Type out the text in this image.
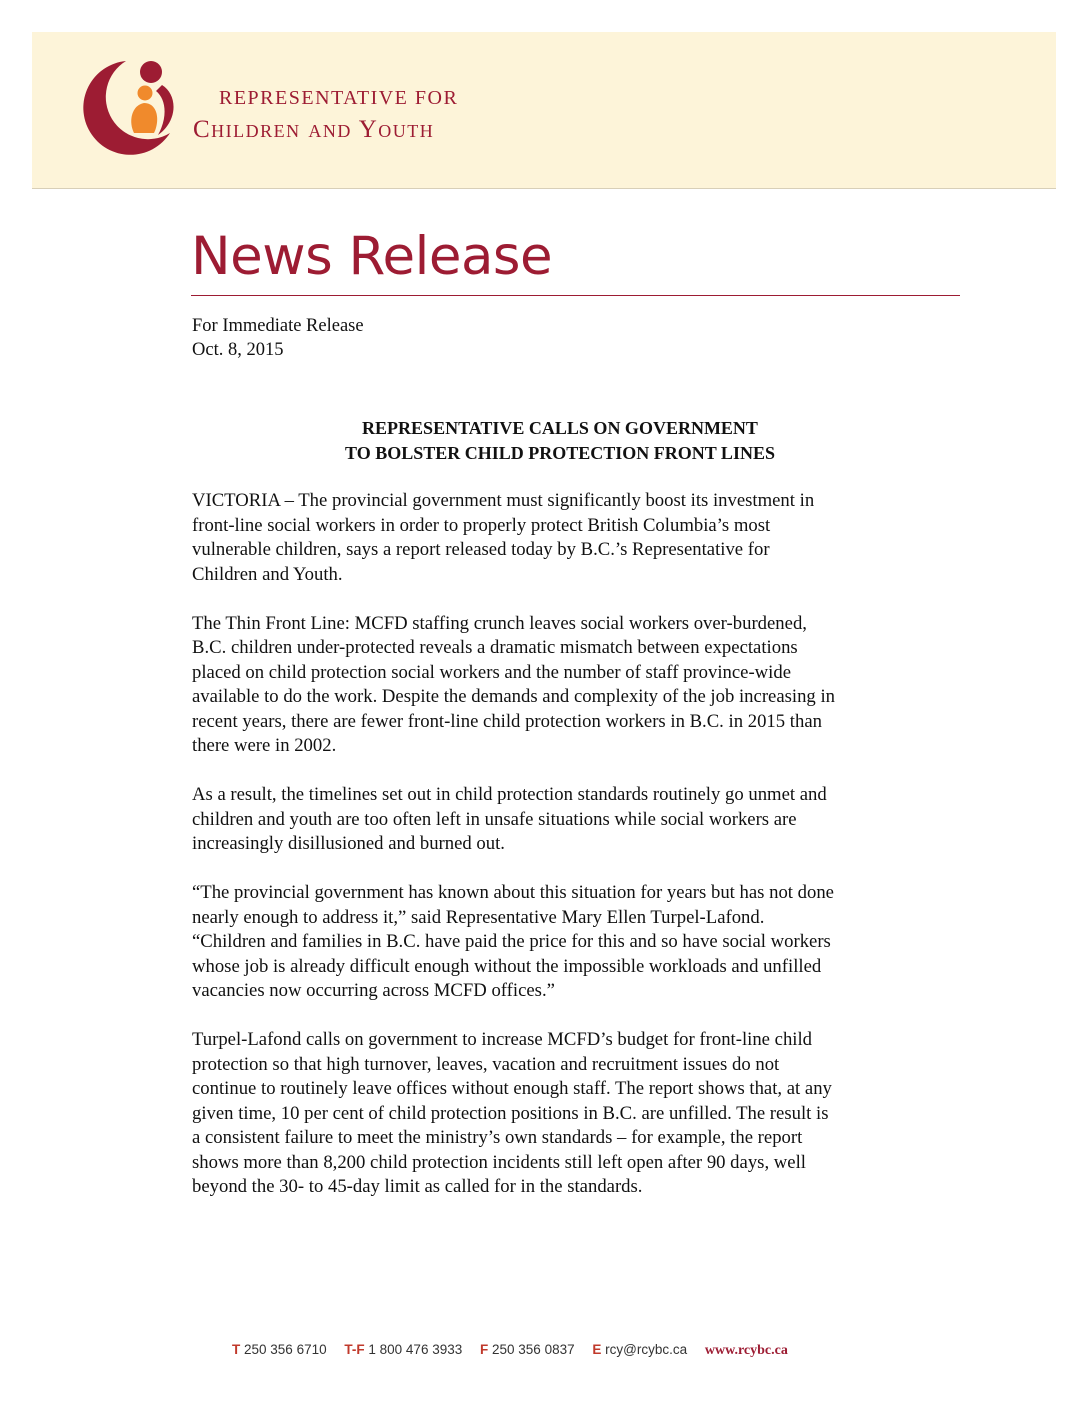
REPRESENTATIVE FOR
Children and Youth
News Release
For Immediate Release
Oct. 8, 2015
REPRESENTATIVE CALLS ON GOVERNMENT
TO BOLSTER CHILD PROTECTION FRONT LINES

VICTORIA – The provincial government must significantly boost its investment in
front-line social workers in order to properly protect British Columbia’s most
vulnerable children, says a report released today by B.C.’s Representative for
Children and Youth.

The Thin Front Line: MCFD staffing crunch leaves social workers over-burdened,
B.C. children under-protected reveals a dramatic mismatch between expectations
placed on child protection social workers and the number of staff province-wide
available to do the work. Despite the demands and complexity of the job increasing in
recent years, there are fewer front-line child protection workers in B.C. in 2015 than
there were in 2002.

As a result, the timelines set out in child protection standards routinely go unmet and
children and youth are too often left in unsafe situations while social workers are
increasingly disillusioned and burned out.

“The provincial government has known about this situation for years but has not done
nearly enough to address it,” said Representative Mary Ellen Turpel-Lafond.
“Children and families in B.C. have paid the price for this and so have social workers
whose job is already difficult enough without the impossible workloads and unfilled
vacancies now occurring across MCFD offices.”

Turpel-Lafond calls on government to increase MCFD’s budget for front-line child
protection so that high turnover, leaves, vacation and recruitment issues do not
continue to routinely leave offices without enough staff. The report shows that, at any
given time, 10 per cent of child protection positions in B.C. are unfilled. The result is
a consistent failure to meet the ministry’s own standards – for example, the report
shows more than 8,200 child protection incidents still left open after 90 days, well
beyond the 30- to 45-day limit as called for in the standards.

T 250 356 6710 T-F 1 800 476 3933 F 250 356 0837 E rcy@rcybc.ca www.rcybc.ca
